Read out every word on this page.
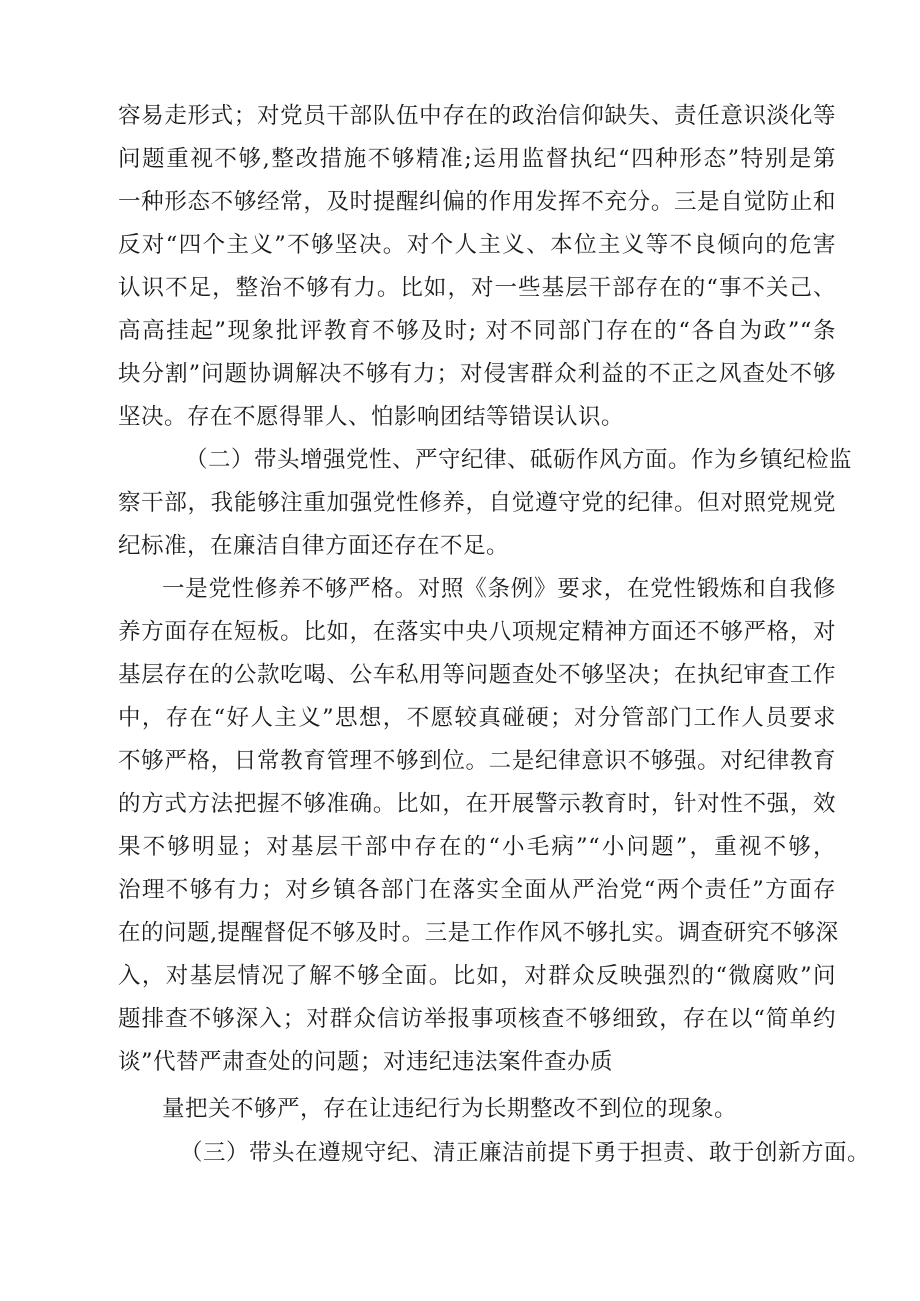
容易走形式；对党员干部队伍中存在的政治信仰缺失、责任意识淡化等
问题重视不够,整改措施不够精准;运用监督执纪“四种形态”特别是第
一种形态不够经常，及时提醒纠偏的作用发挥不充分。三是自觉防止和
反对“四个主义”不够坚决。对个人主义、本位主义等不良倾向的危害
认识不足，整治不够有力。比如，对一些基层干部存在的“事不关己、
高高挂起”现象批评教育不够及时; 对不同部门存在的“各自为政”“条
块分割”问题协调解决不够有力；对侵害群众利益的不正之风查处不够
坚决。存在不愿得罪人、怕影响团结等错误认识。
（二）带头增强党性、严守纪律、砥砺作风方面。作为乡镇纪检监
察干部，我能够注重加强党性修养，自觉遵守党的纪律。但对照党规党
纪标准，在廉洁自律方面还存在不足。
一是党性修养不够严格。对照《条例》要求，在党性锻炼和自我修
养方面存在短板。比如，在落实中央八项规定精神方面还不够严格，对
基层存在的公款吃喝、公车私用等问题查处不够坚决；在执纪审查工作
中，存在“好人主义”思想，不愿较真碰硬；对分管部门工作人员要求
不够严格，日常教育管理不够到位。二是纪律意识不够强。对纪律教育
的方式方法把握不够准确。比如，在开展警示教育时，针对性不强，效
果不够明显；对基层干部中存在的“小毛病”“小问题”，重视不够，
治理不够有力；对乡镇各部门在落实全面从严治党“两个责任”方面存
在的问题,提醒督促不够及时。三是工作作风不够扎实。调查研究不够深
入，对基层情况了解不够全面。比如，对群众反映强烈的“微腐败”问
题排查不够深入；对群众信访举报事项核查不够细致，存在以“简单约
谈”代替严肃查处的问题；对违纪违法案件查办质
量把关不够严，存在让违纪行为长期整改不到位的现象。
（三）带头在遵规守纪、清正廉洁前提下勇于担责、敢于创新方面。
